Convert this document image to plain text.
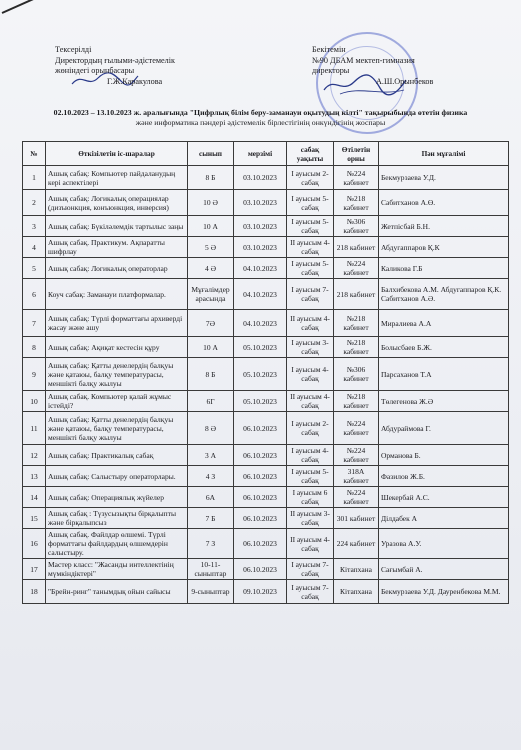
Тексерілді
Директордың ғылыми-әдістемелік
жөніндегі орынбасары
Г.Ж.Каракулова
Бекітемін
№90 ДБАМ мектеп-гимназия
директоры
А.Ш.Орынбеков
02.10.2023 – 13.10.2023 ж. аралығында "Цифрлық білім беру-заманауи оқытудың кілті" тақырыбында өтетін физика
және информатика пәндері әдістемелік бірлестігінің онкүндігінің жоспары
№	Өткізілетін іс-шаралар	сынып	мерзімі	сабақ уақыты	Өтілетін орны	Пән мұғалімі
1	Ашық сабақ: Компьютер пайдаланудың кері аспектілері	8 Б	03.10.2023	I ауысым 2-сабақ	№224 кабинет	Бекмурзаева У.Д.
2	Ашық сабақ: Логикалық операциялар (дизъюнкция, конъюнкция, инверсия)	10 Ә	03.10.2023	I ауысым 5-сабақ	№218 кабинет	Сабитханов А.Ө.
3	Ашық сабақ: Бүкіләлемдік тартылыс заңы	10 А	03.10.2023	I ауысым 5-сабақ	№306 кабинет	Жетпісбай Б.Н.
4	Ашық сабақ. Практикум. Ақпаратты шифрлау	5 Ә	03.10.2023	II ауысым 4-сабақ	218 кабинет	Абдугаппаров Қ.К
5	Ашық сабақ: Логикалық операторлар	4 Ә	04.10.2023	I ауысым 5-сабақ	№224 кабинет	Каликова Г.Б
6	Коуч сабақ: Заманауи платформалар.	Мұғалімдер арасында	04.10.2023	I ауысым 7-сабақ	218 кабинет	Балхибекова А.М. Абдугаппаров Қ.К. Сабитханов А.Ә.
7	Ашық сабақ: Түрлі форматтағы архиверді жасау және ашу	7Ә	04.10.2023	II ауысым 4-сабақ	№218 кабинет	Миралиева А.А
8	Ашық сабақ: Ақиқат кестесін құру	10 А	05.10.2023	I ауысым 3-сабақ	№218 кабинет	Болысбаев Б.Ж.
9	Ашық сабақ: Қатты денелердің балқуы және қатаюы, балқу температурасы, меншікті балқу жылуы	8 Б	05.10.2023	I ауысым 4-сабақ	№306 кабинет	Парсаханов Т.А
10	Ашық сабақ. Компьютер қалай жұмыс істейді?	6Г	05.10.2023	II ауысым 4-сабақ	№218 кабинет	Төлегенова Ж.Ә
11	Ашық сабақ: Қатты денелердің балқуы және қатаюы, балқу температурасы, меншікті балқу жылуы	8 Ә	06.10.2023	I ауысым 2-сабақ	№224 кабинет	Абдураймова Г.
12	Ашық сабақ: Практикалық сабақ	3 А	06.10.2023	I ауысым 4-сабақ	№224 кабинет	Орманова Б.
13	Ашық сабақ: Салыстыру операторлары.	4 З	06.10.2023	I ауысым 5-сабақ	318А кабинет	Фазилов Ж.Б.
14	Ашық сабақ: Операциялық жүйелер	6А	06.10.2023	I ауысым 6 сабақ	№224 кабинет	Шекербай А.С.
15	Ашық сабақ : Түзусызықты бірқалыпты және бірқалыпсыз	7 Б	06.10.2023	II ауысым 3-сабақ	301 кабинет	Ділдабек А
16	Ашық сабақ. Файлдар өлшемі. Түрлі форматтағы файлдардың өлшемдерін салыстыру.	7 З	06.10.2023	II ауысым 4-сабақ	224 кабинет	Уразова А.У.
17	Мастер класс: "Жасанды интеллектінің мүмкіндіктері"	10-11-сыныптар	06.10.2023	I ауысым 7-сабақ	Кітапхана	Сағымбай А.
18	"Брейн-ринг" танымдық ойын сайысы	9-сыныптар	09.10.2023	I ауысым 7-сабақ	Кітапхана	Бекмурзаева У.Д. Дауренбекова М.М.
